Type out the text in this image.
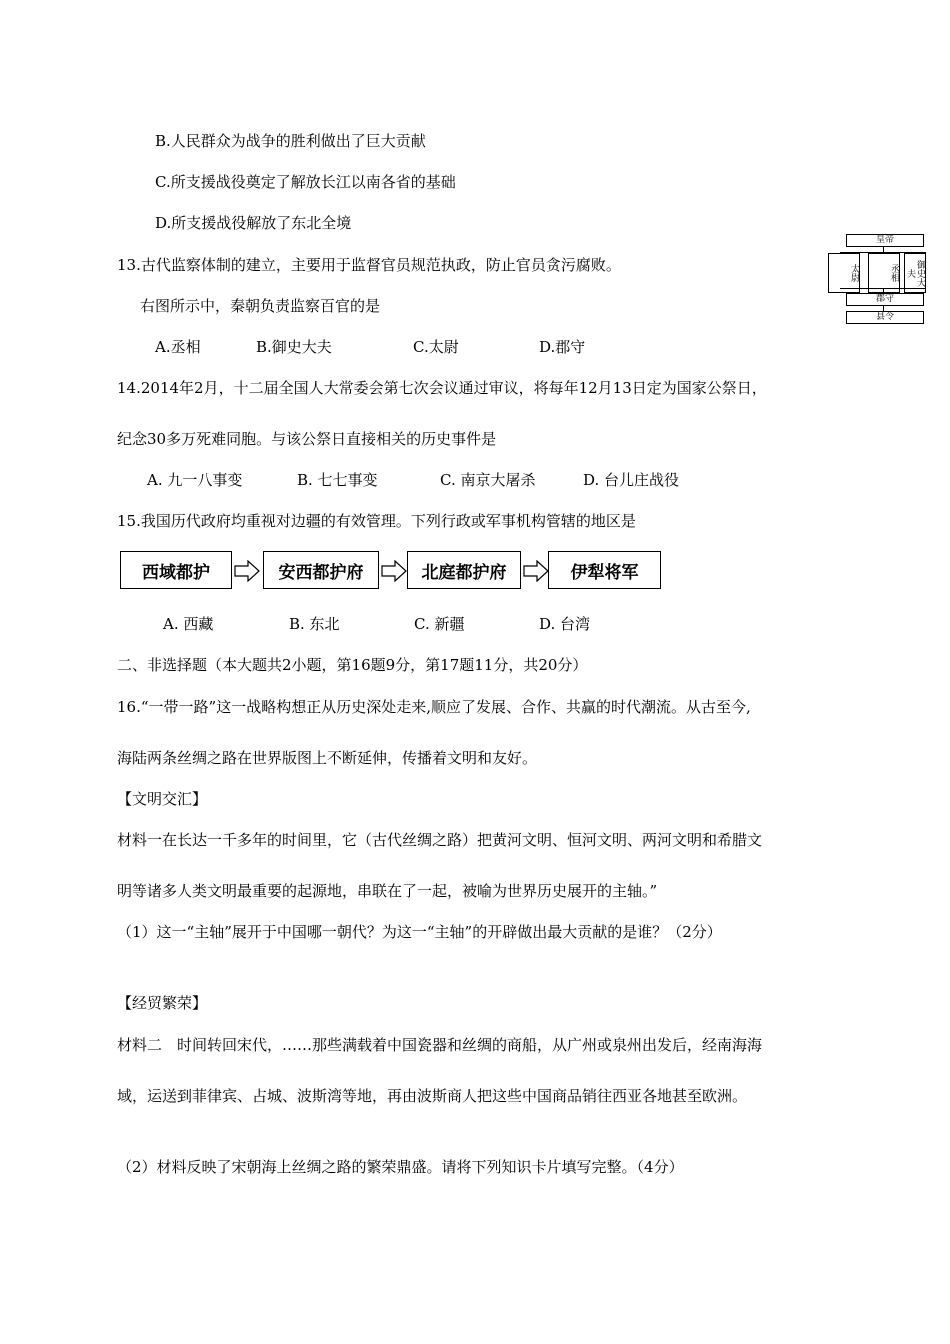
B.人民群众为战争的胜利做出了巨大贡献
C.所支援战役奠定了解放长江以南各省的基础
D.所支援战役解放了东北全境
13.古代监察体制的建立，主要用于监督官员规范执政，防止官员贪污腐败。
右图所示中，秦朝负责监察百官的是
A.丞相	B.御史大夫	C.太尉	D.郡守
皇帝
太尉	丞相	御史大夫
郡守
县令
14.2014年2月，十二届全国人大常委会第七次会议通过审议，将每年12月13日定为国家公祭日，
纪念30多万死难同胞。与该公祭日直接相关的历史事件是
A. 九一八事变	B. 七七事变	C. 南京大屠杀	D. 台儿庄战役
15.我国历代政府均重视对边疆的有效管理。下列行政或军事机构管辖的地区是
西域都护	安西都护府	北庭都护府	伊犁将军
A. 西藏	B. 东北	C. 新疆	D. 台湾
二、非选择题（本大题共2小题，第16题9分，第17题11分，共20分）
16.“一带一路”这一战略构想正从历史深处走来,顺应了发展、合作、共赢的时代潮流。从古至今,
海陆两条丝绸之路在世界版图上不断延伸，传播着文明和友好。
【文明交汇】
材料一在长达一千多年的时间里，它（古代丝绸之路）把黄河文明、恒河文明、两河文明和希腊文
明等诸多人类文明最重要的起源地，串联在了一起，被喻为世界历史展开的主轴。”
（1）这一“主轴”展开于中国哪一朝代？为这一“主轴”的开辟做出最大贡献的是谁？（2分）
【经贸繁荣】
材料二　时间转回宋代，……那些满载着中国瓷器和丝绸的商船，从广州或泉州出发后，经南海海
域，运送到菲律宾、占城、波斯湾等地，再由波斯商人把这些中国商品销往西亚各地甚至欧洲。
（2）材料反映了宋朝海上丝绸之路的繁荣鼎盛。请将下列知识卡片填写完整。（4分）
